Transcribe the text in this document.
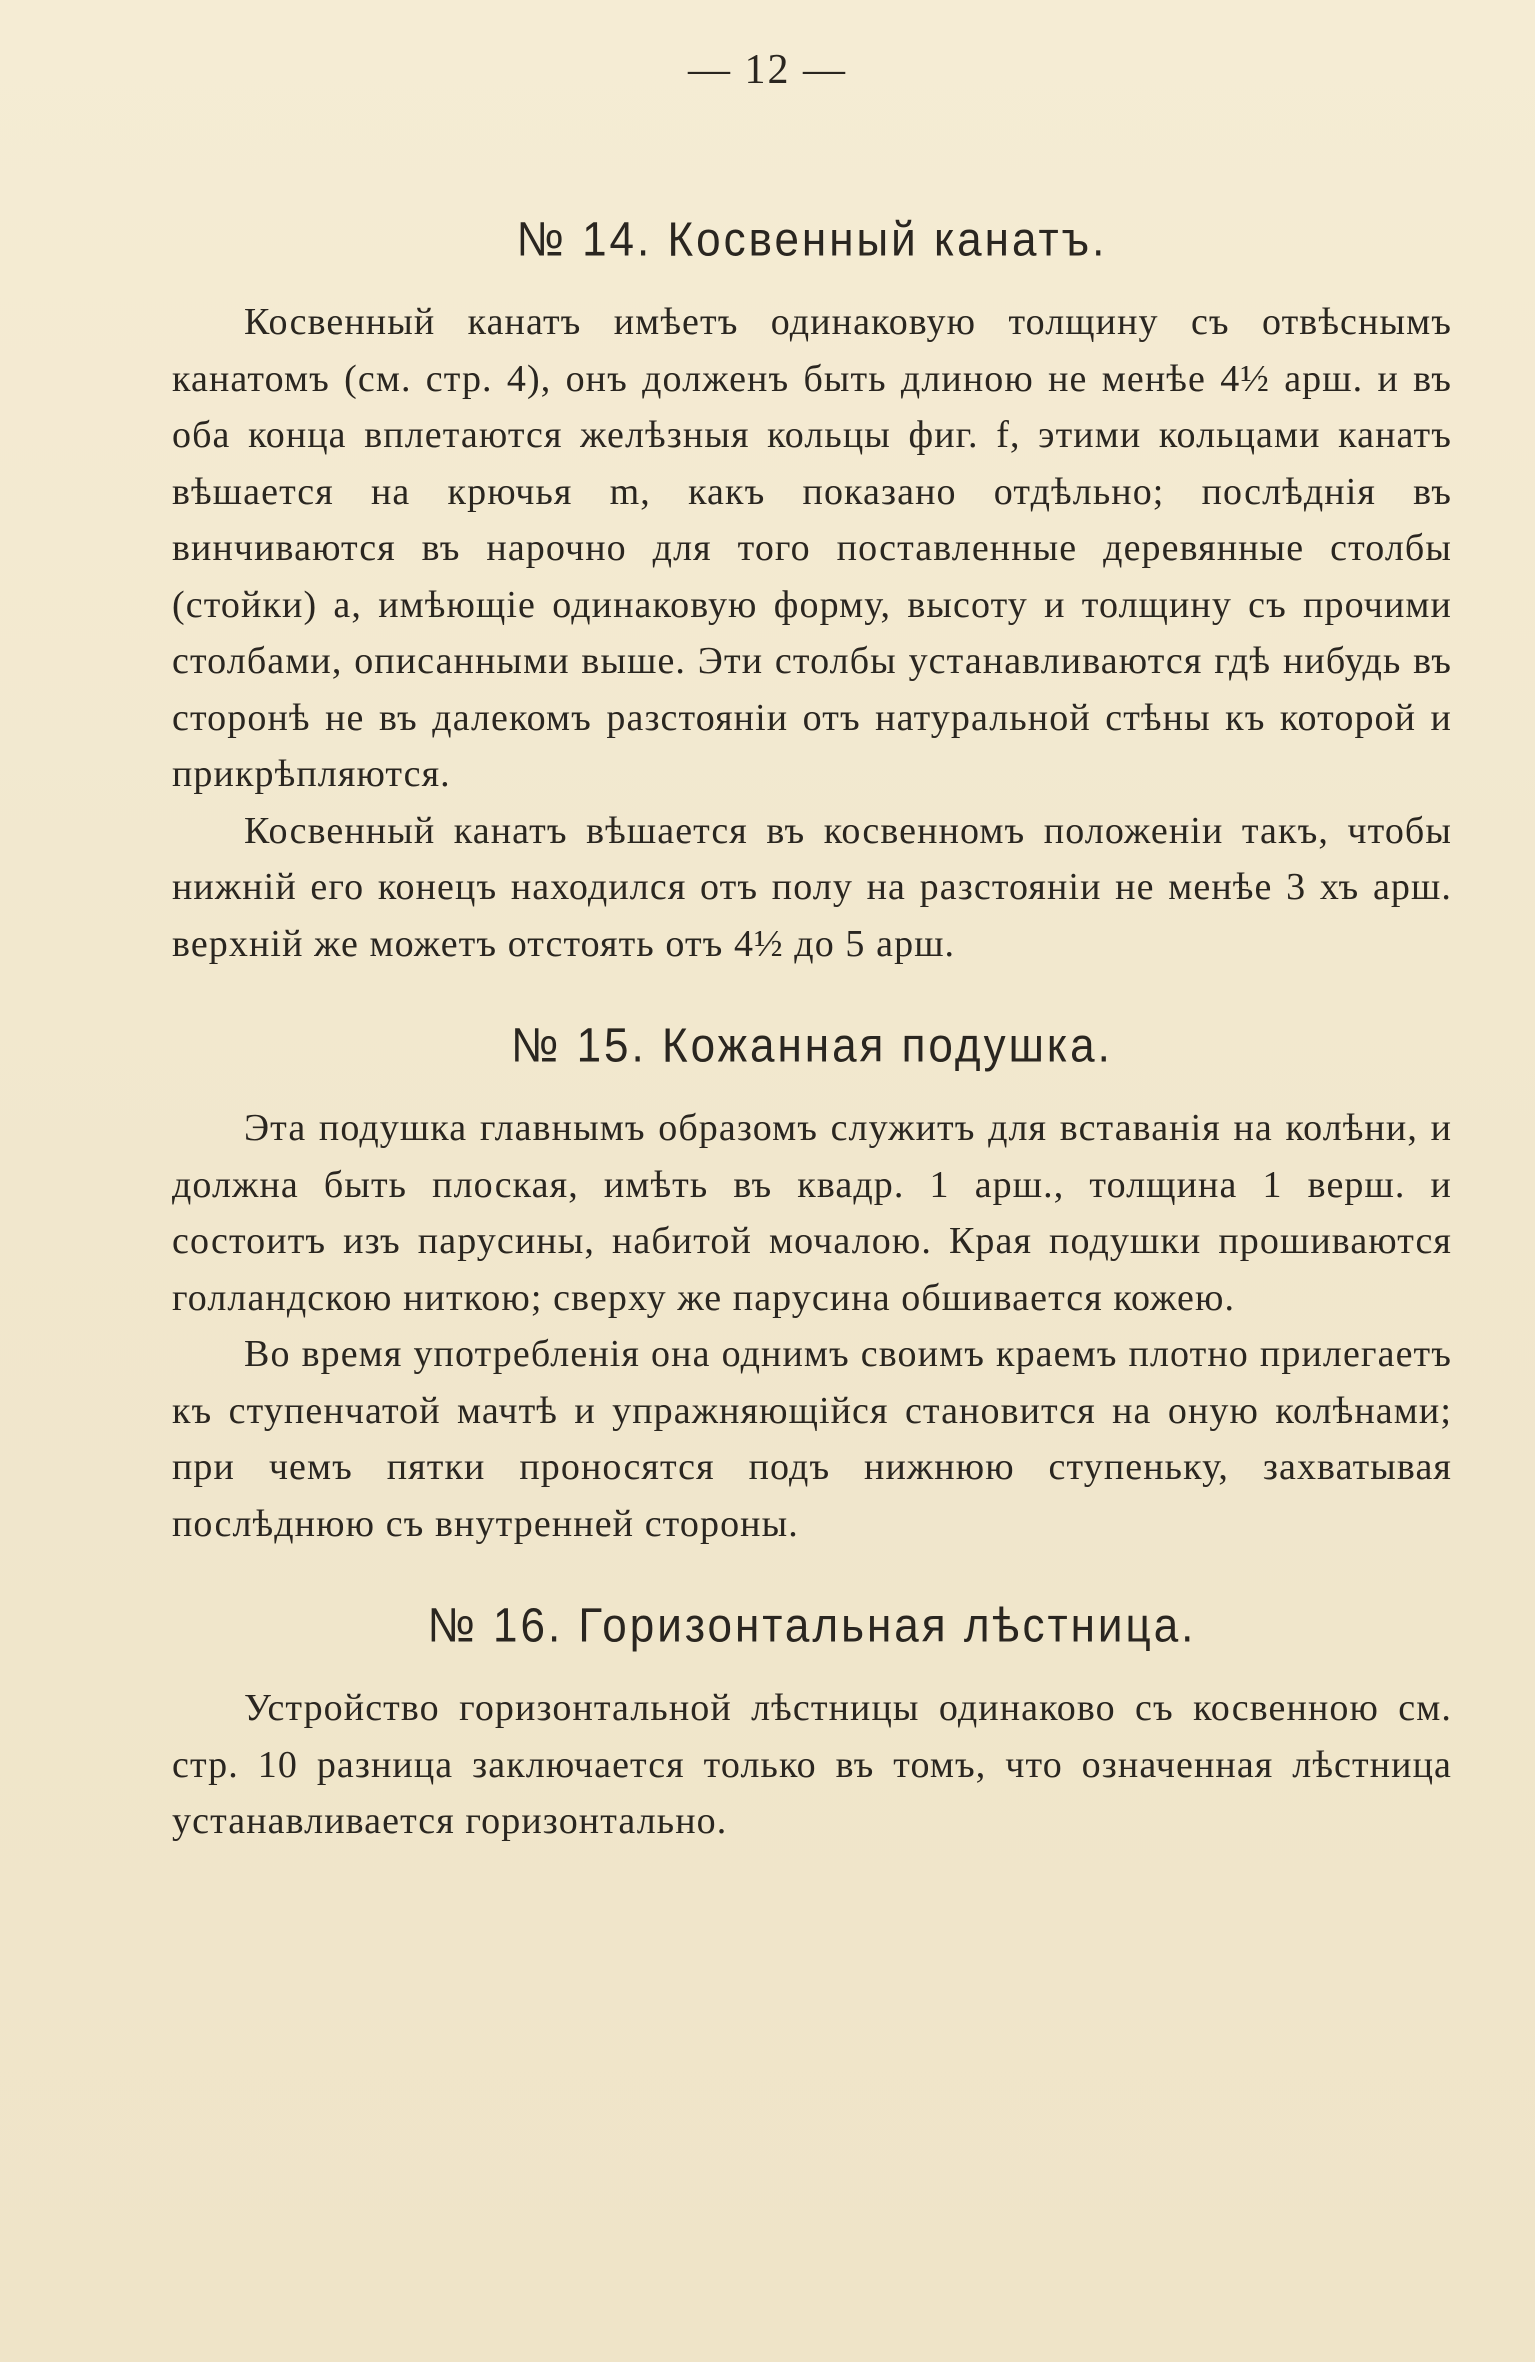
— 12 —
№ 14. Косвенный канатъ.

Косвенный канатъ имѣетъ одинаковую толщину съ отвѣснымъ канатомъ (см. стр. 4), онъ долженъ быть длиною не менѣе 4½ арш. и въ оба конца вплетаются желѣзныя кольцы фиг. f, этими кольцами канатъ вѣшается на крючья m, какъ показано отдѣльно; послѣднія въ винчиваются въ нарочно для того поставленные деревянные столбы (стойки) a, имѣющіе одинаковую форму, высоту и толщину съ прочими столбами, описанными выше. Эти столбы устанавливаются гдѣ нибудь въ сторонѣ не въ далекомъ разстояніи отъ натуральной стѣны къ которой и прикрѣпляются.

Косвенный канатъ вѣшается въ косвенномъ положеніи такъ, чтобы нижній его конецъ находился отъ полу на разстояніи не менѣе 3 хъ арш. верхній же можетъ отстоять отъ 4½ до 5 арш.

№ 15. Кожанная подушка.

Эта подушка главнымъ образомъ служитъ для вставанія на колѣни, и должна быть плоская, имѣть въ квадр. 1 арш., толщина 1 верш. и состоитъ изъ парусины, набитой мочалою. Края подушки прошиваются голландскою ниткою; сверху же парусина обшивается кожею.

Во время употребленія она однимъ своимъ краемъ плотно прилегаетъ къ ступенчатой мачтѣ и упражняющійся становится на оную колѣнами; при чемъ пятки проносятся подъ нижнюю ступеньку, захватывая послѣднюю съ внутренней стороны.

№ 16. Горизонтальная лѣстница.

Устройство горизонтальной лѣстницы одинаково съ косвенною см. стр. 10 разница заключается только въ томъ, что означенная лѣстница устанавливается горизонтально.
